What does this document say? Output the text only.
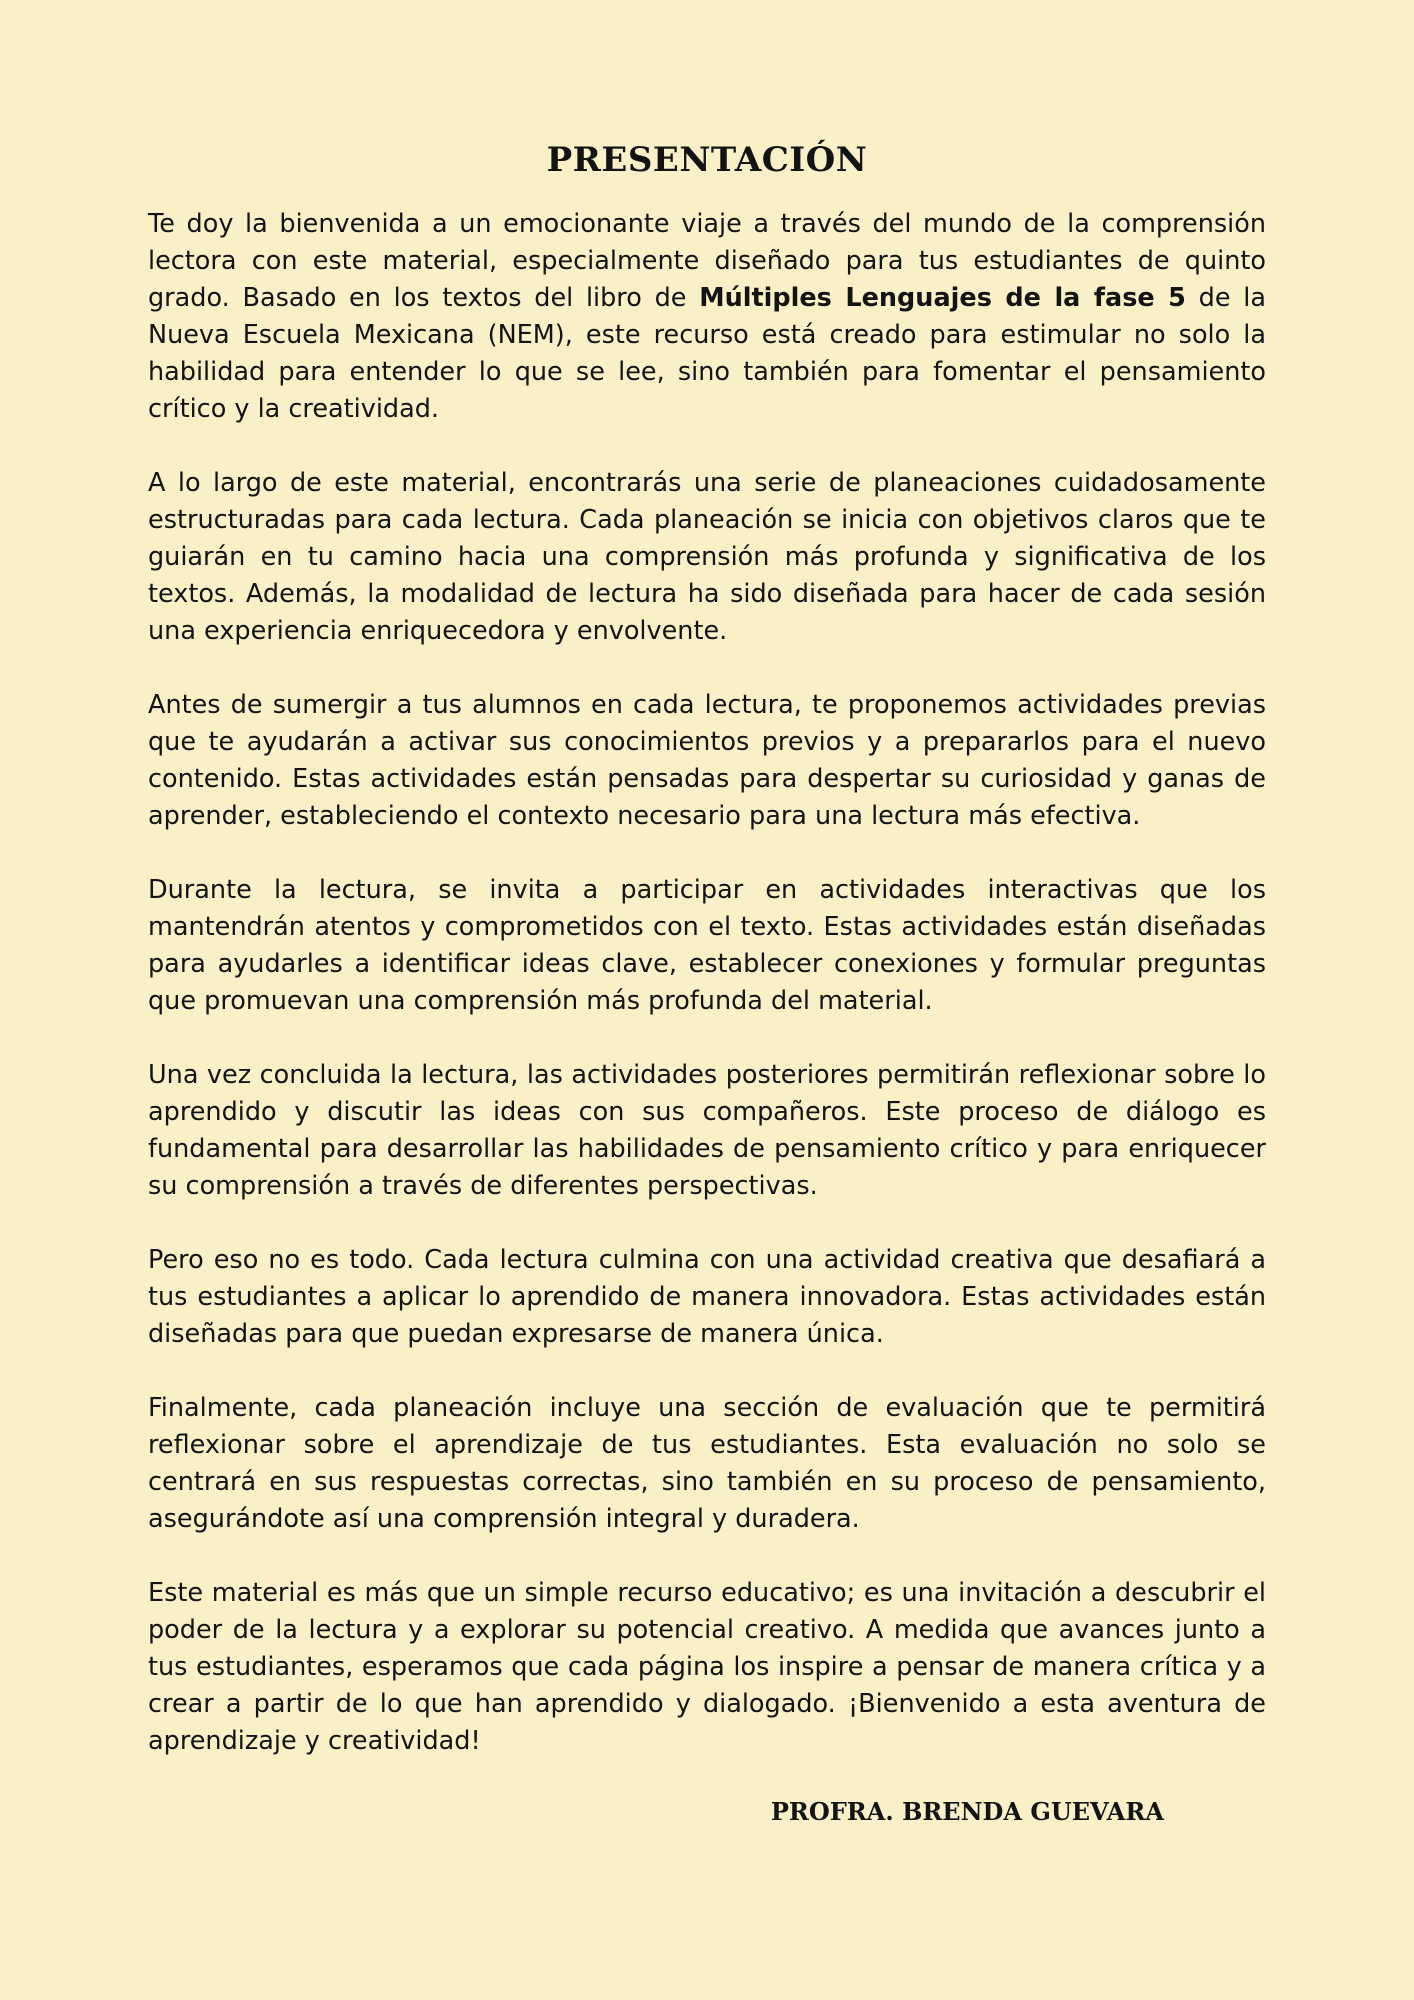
PRESENTACIÓN

Te doy la bienvenida a un emocionante viaje a través del mundo de la comprensión lectora con este material, especialmente diseñado para tus estudiantes de quinto grado. Basado en los textos del libro de Múltiples Lenguajes de la fase 5 de la Nueva Escuela Mexicana (NEM), este recurso está creado para estimular no solo la habilidad para entender lo que se lee, sino también para fomentar el pensamiento crítico y la creatividad.

A lo largo de este material, encontrarás una serie de planeaciones cuidadosamente estructuradas para cada lectura. Cada planeación se inicia con objetivos claros que te guiarán en tu camino hacia una comprensión más profunda y significativa de los textos. Además, la modalidad de lectura ha sido diseñada para hacer de cada sesión una experiencia enriquecedora y envolvente.

Antes de sumergir a tus alumnos en cada lectura, te proponemos actividades previas que te ayudarán a activar sus conocimientos previos y a prepararlos para el nuevo contenido. Estas actividades están pensadas para despertar su curiosidad y ganas de aprender, estableciendo el contexto necesario para una lectura más efectiva.

Durante la lectura, se invita a participar en actividades interactivas que los mantendrán atentos y comprometidos con el texto. Estas actividades están diseñadas para ayudarles a identificar ideas clave, establecer conexiones y formular preguntas que promuevan una comprensión más profunda del material.

Una vez concluida la lectura, las actividades posteriores permitirán reflexionar sobre lo aprendido y discutir las ideas con sus compañeros. Este proceso de diálogo es fundamental para desarrollar las habilidades de pensamiento crítico y para enriquecer su comprensión a través de diferentes perspectivas.

Pero eso no es todo. Cada lectura culmina con una actividad creativa que desafiará a tus estudiantes a aplicar lo aprendido de manera innovadora. Estas actividades están diseñadas para que puedan expresarse de manera única.

Finalmente, cada planeación incluye una sección de evaluación que te permitirá reflexionar sobre el aprendizaje de tus estudiantes. Esta evaluación no solo se centrará en sus respuestas correctas, sino también en su proceso de pensamiento, asegurándote así una comprensión integral y duradera.

Este material es más que un simple recurso educativo; es una invitación a descubrir el poder de la lectura y a explorar su potencial creativo. A medida que avances junto a tus estudiantes, esperamos que cada página los inspire a pensar de manera crítica y a crear a partir de lo que han aprendido y dialogado. ¡Bienvenido a esta aventura de aprendizaje y creatividad!

PROFRA. BRENDA GUEVARA
